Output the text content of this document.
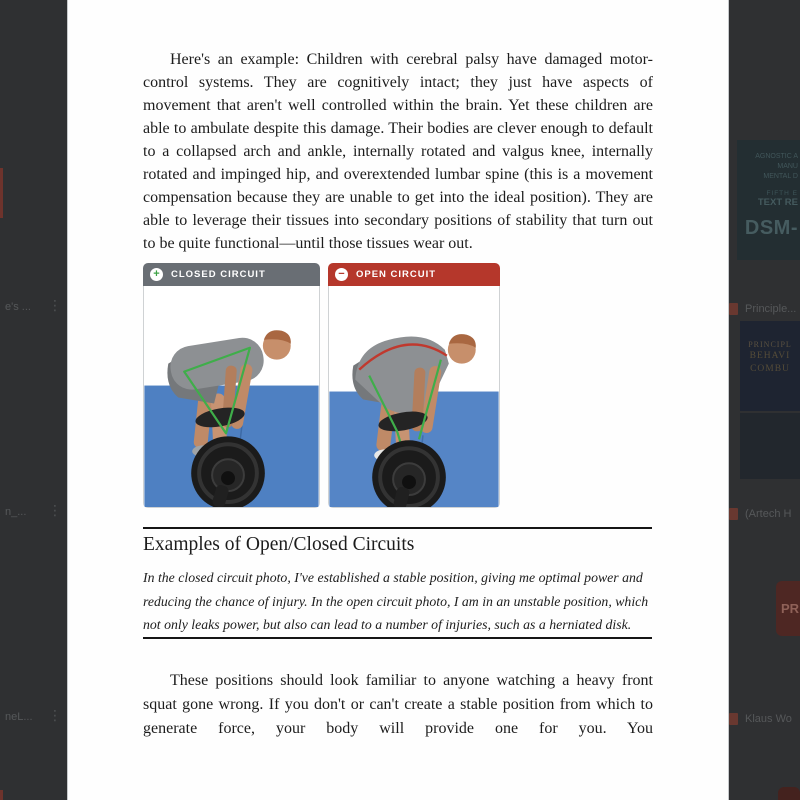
e's ... ⋮
n_... ⋮
neL... ⋮
AGNOSTIC A
MANU
MENTAL D
FIFTH E
TEXT RE
DSM-
Principle...
PRINCIPL
BEHAVI
COMBU
(Artech H
PR
Klaus Wo

Here's an example: Children with cerebral palsy have damaged motor-control systems. They are cognitively intact; they just have aspects of movement that aren't well controlled within the brain. Yet these children are able to ambulate despite this damage. Their bodies are clever enough to default to a collapsed arch and ankle, internally rotated and valgus knee, internally rotated and impinged hip, and overextended lumbar spine (this is a movement compensation because they are unable to get into the ideal position). They are able to leverage their tissues into secondary positions of stability that turn out to be quite functional—until those tissues wear out.

+	CLOSED CIRCUIT	−	OPEN CIRCUIT
Examples of Open/Closed Circuits
In the closed circuit photo, I've established a stable position, giving me optimal power and reducing the chance of injury. In the open circuit photo, I am in an unstable position, which not only leaks power, but also can lead to a number of injuries, such as a herniated disk.

These positions should look familiar to anyone watching a heavy front squat gone wrong. If you don't or can't create a stable position from which to generate force, your body will provide one for you. You
